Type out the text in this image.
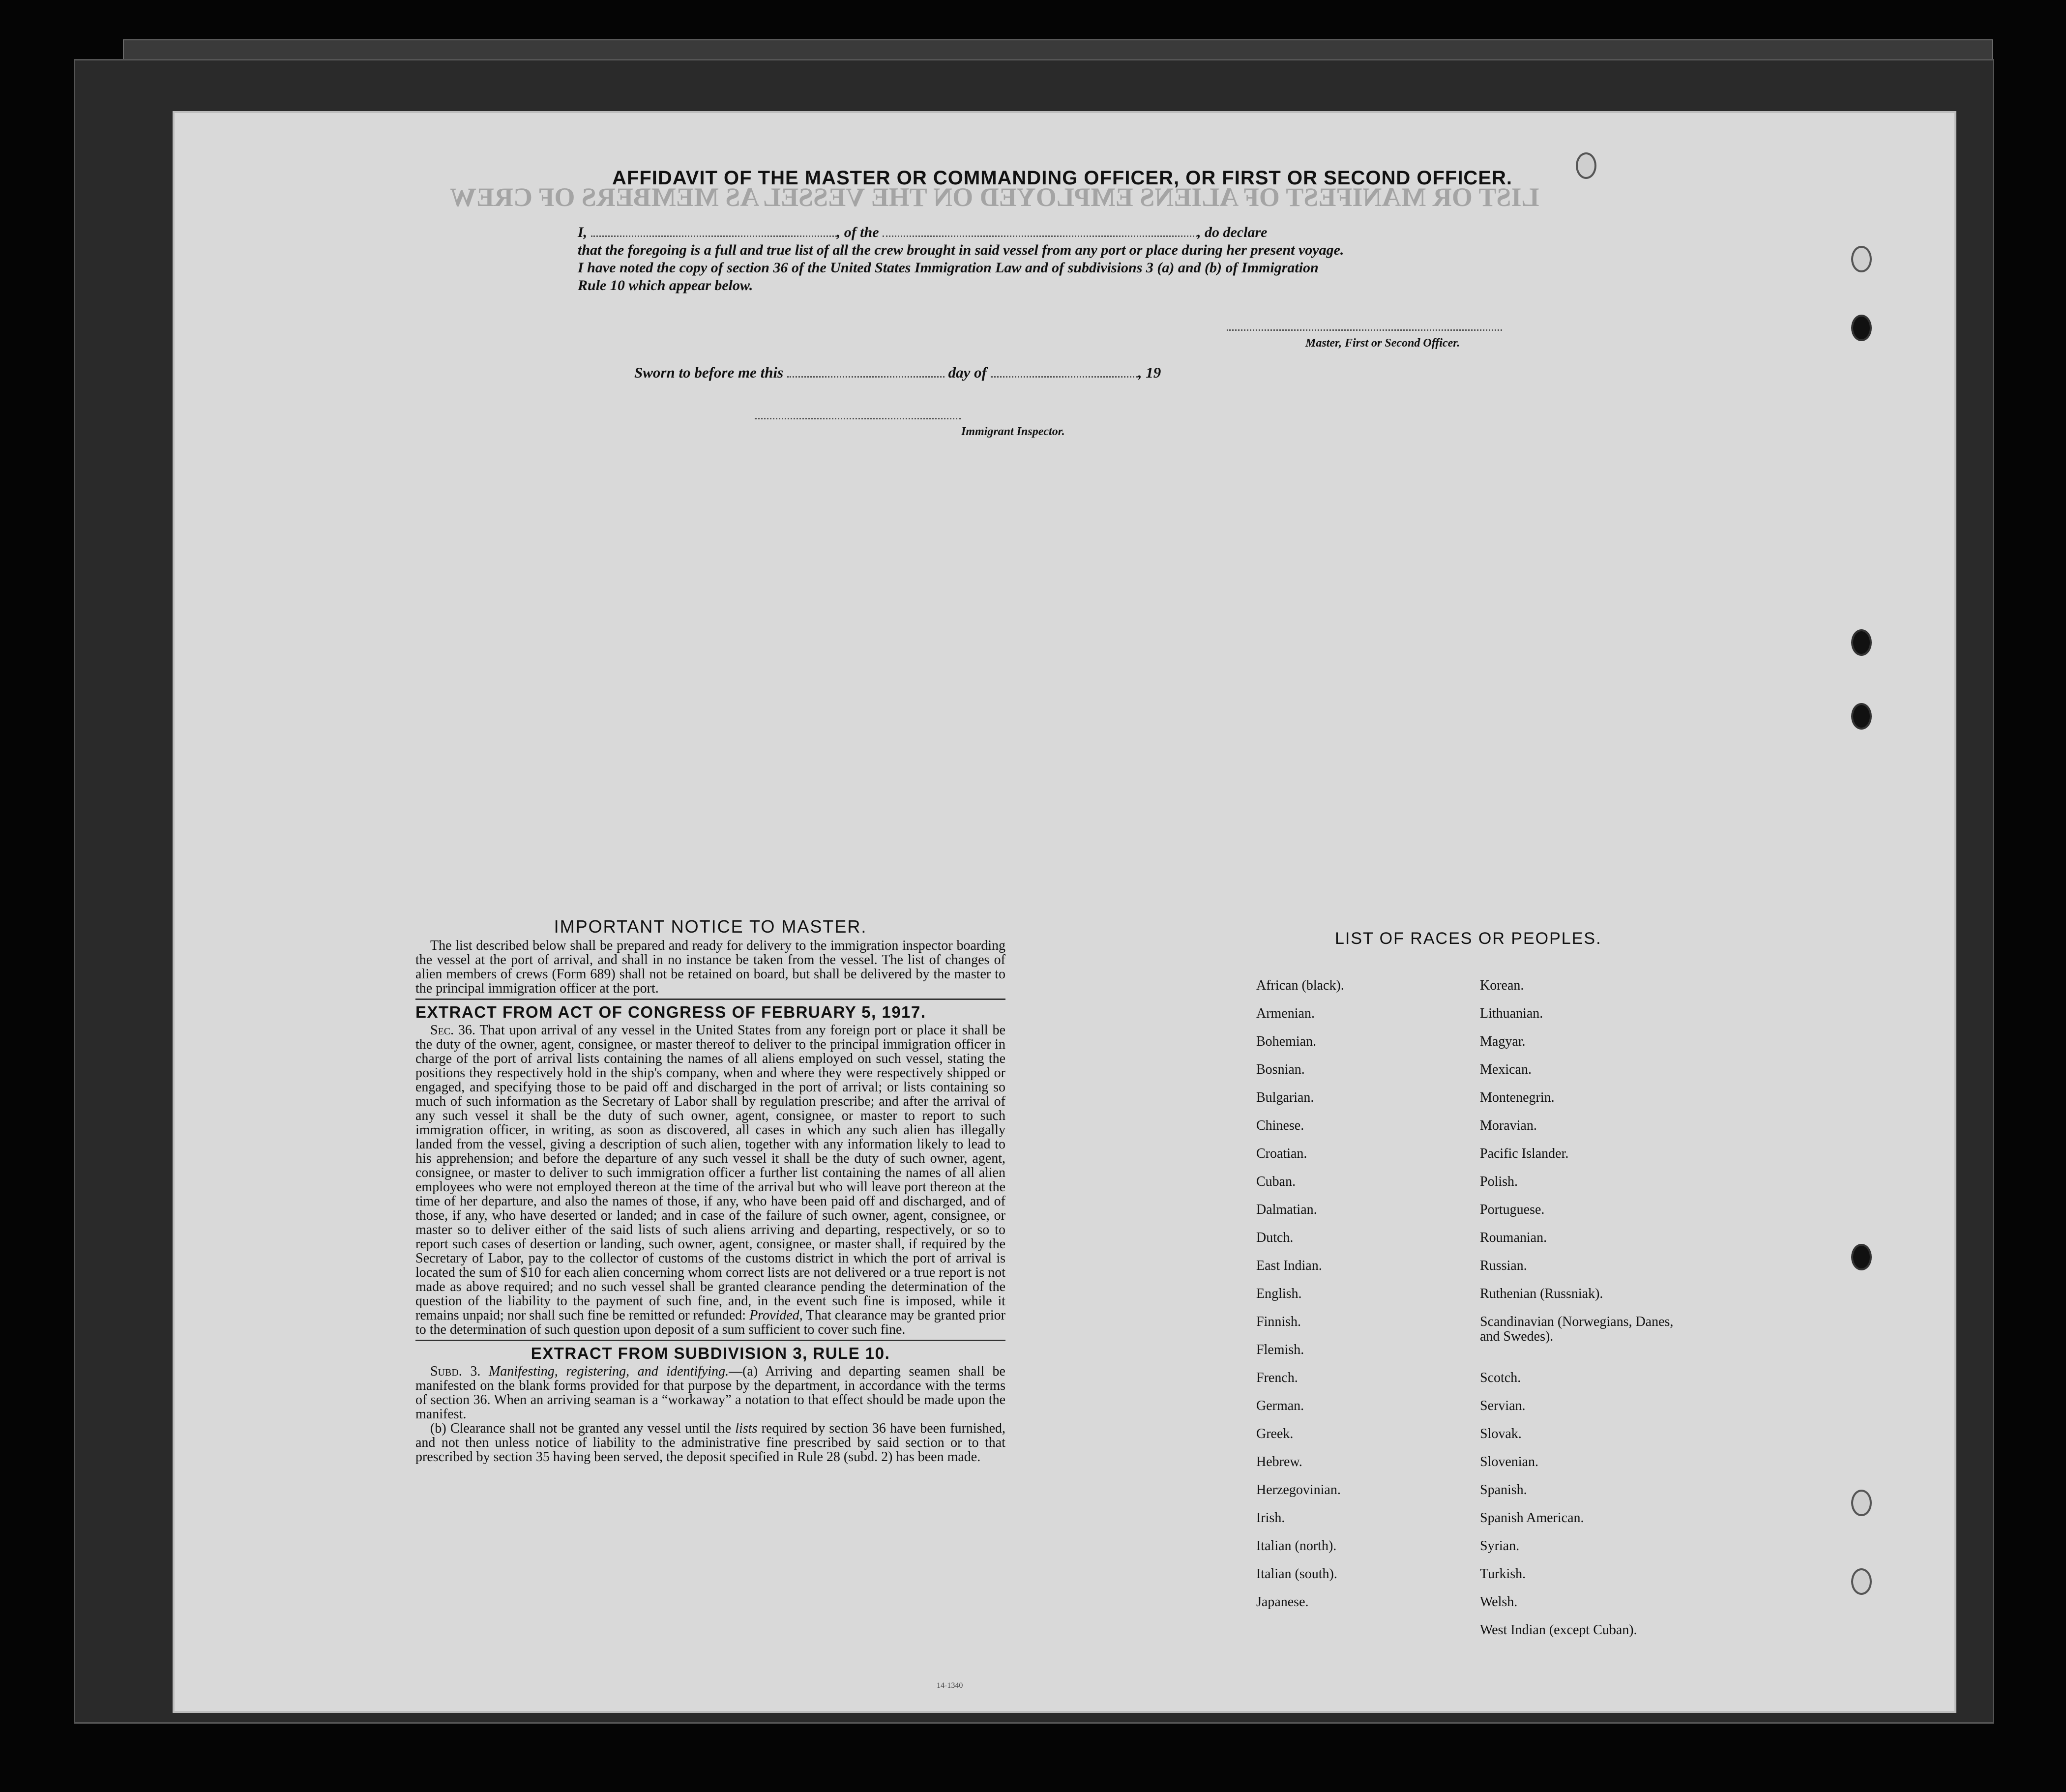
LIST OR MANIFEST OF ALIENS EMPLOYED ON THE VESSEL AS MEMBERS OF CREW
AFFIDAVIT OF THE MASTER OR COMMANDING OFFICER, OR FIRST OR SECOND OFFICER.
I,	, of the	, do declare
that the foregoing is a full and true list of all the crew brought in said vessel from any port or place during her present voyage.
I have noted the copy of section 36 of the United States Immigration Law and of subdivisions 3 (a) and (b) of Immigration
Rule 10 which appear below.
Master, First or Second Officer.
Sworn to before me this	day of	, 19
Immigrant Inspector.
IMPORTANT NOTICE TO MASTER.

The list described below shall be prepared and ready for delivery to the immigration inspector boarding the vessel at the port of arrival, and shall in no instance be taken from the vessel. The list of changes of alien members of crews (Form 689) shall not be retained on board, but shall be delivered by the master to the principal immigration officer at the port.

EXTRACT FROM ACT OF CONGRESS OF FEBRUARY 5, 1917.

Sec. 36. That upon arrival of any vessel in the United States from any foreign port or place it shall be the duty of the owner, agent, consignee, or master thereof to deliver to the principal immigration officer in charge of the port of arrival lists containing the names of all aliens employed on such vessel, stating the positions they respectively hold in the ship's company, when and where they were respectively shipped or engaged, and specifying those to be paid off and discharged in the port of arrival; or lists containing so much of such information as the Secretary of Labor shall by regulation prescribe; and after the arrival of any such vessel it shall be the duty of such owner, agent, consignee, or master to report to such immigration officer, in writing, as soon as discovered, all cases in which any such alien has illegally landed from the vessel, giving a description of such alien, together with any information likely to lead to his apprehension; and before the departure of any such vessel it shall be the duty of such owner, agent, consignee, or master to deliver to such immigration officer a further list containing the names of all alien employees who were not employed thereon at the time of the arrival but who will leave port thereon at the time of her departure, and also the names of those, if any, who have been paid off and discharged, and of those, if any, who have deserted or landed; and in case of the failure of such owner, agent, consignee, or master so to deliver either of the said lists of such aliens arriving and departing, respectively, or so to report such cases of desertion or landing, such owner, agent, consignee, or master shall, if required by the Secretary of Labor, pay to the collector of customs of the customs district in which the port of arrival is located the sum of $10 for each alien concerning whom correct lists are not delivered or a true report is not made as above required; and no such vessel shall be granted clearance pending the determination of the question of the liability to the payment of such fine, and, in the event such fine is imposed, while it remains unpaid; nor shall such fine be remitted or refunded: Provided, That clearance may be granted prior to the determination of such question upon deposit of a sum sufficient to cover such fine.

EXTRACT FROM SUBDIVISION 3, RULE 10.

Subd. 3. Manifesting, registering, and identifying.—(a) Arriving and departing seamen shall be manifested on the blank forms provided for that purpose by the department, in accordance with the terms of section 36. When an arriving seaman is a “workaway” a notation to that effect should be made upon the manifest.

(b) Clearance shall not be granted any vessel until the lists required by section 36 have been furnished, and not then unless notice of liability to the administrative fine prescribed by said section or to that prescribed by section 35 having been served, the deposit specified in Rule 28 (subd. 2) has been made.

14-1340
LIST OF RACES OR PEOPLES.
African (black).
Armenian.
Bohemian.
Bosnian.
Bulgarian.
Chinese.
Croatian.
Cuban.
Dalmatian.
Dutch.
East Indian.
English.
Finnish.
Flemish.
French.
German.
Greek.
Hebrew.
Herzegovinian.
Irish.
Italian (north).
Italian (south).
Japanese.
Korean.
Lithuanian.
Magyar.
Mexican.
Montenegrin.
Moravian.
Pacific Islander.
Polish.
Portuguese.
Roumanian.
Russian.
Ruthenian (Russniak).
Scandinavian (Norwegians, Danes, and Swedes).
Scotch.
Servian.
Slovak.
Slovenian.
Spanish.
Spanish American.
Syrian.
Turkish.
Welsh.
West Indian (except Cuban).
